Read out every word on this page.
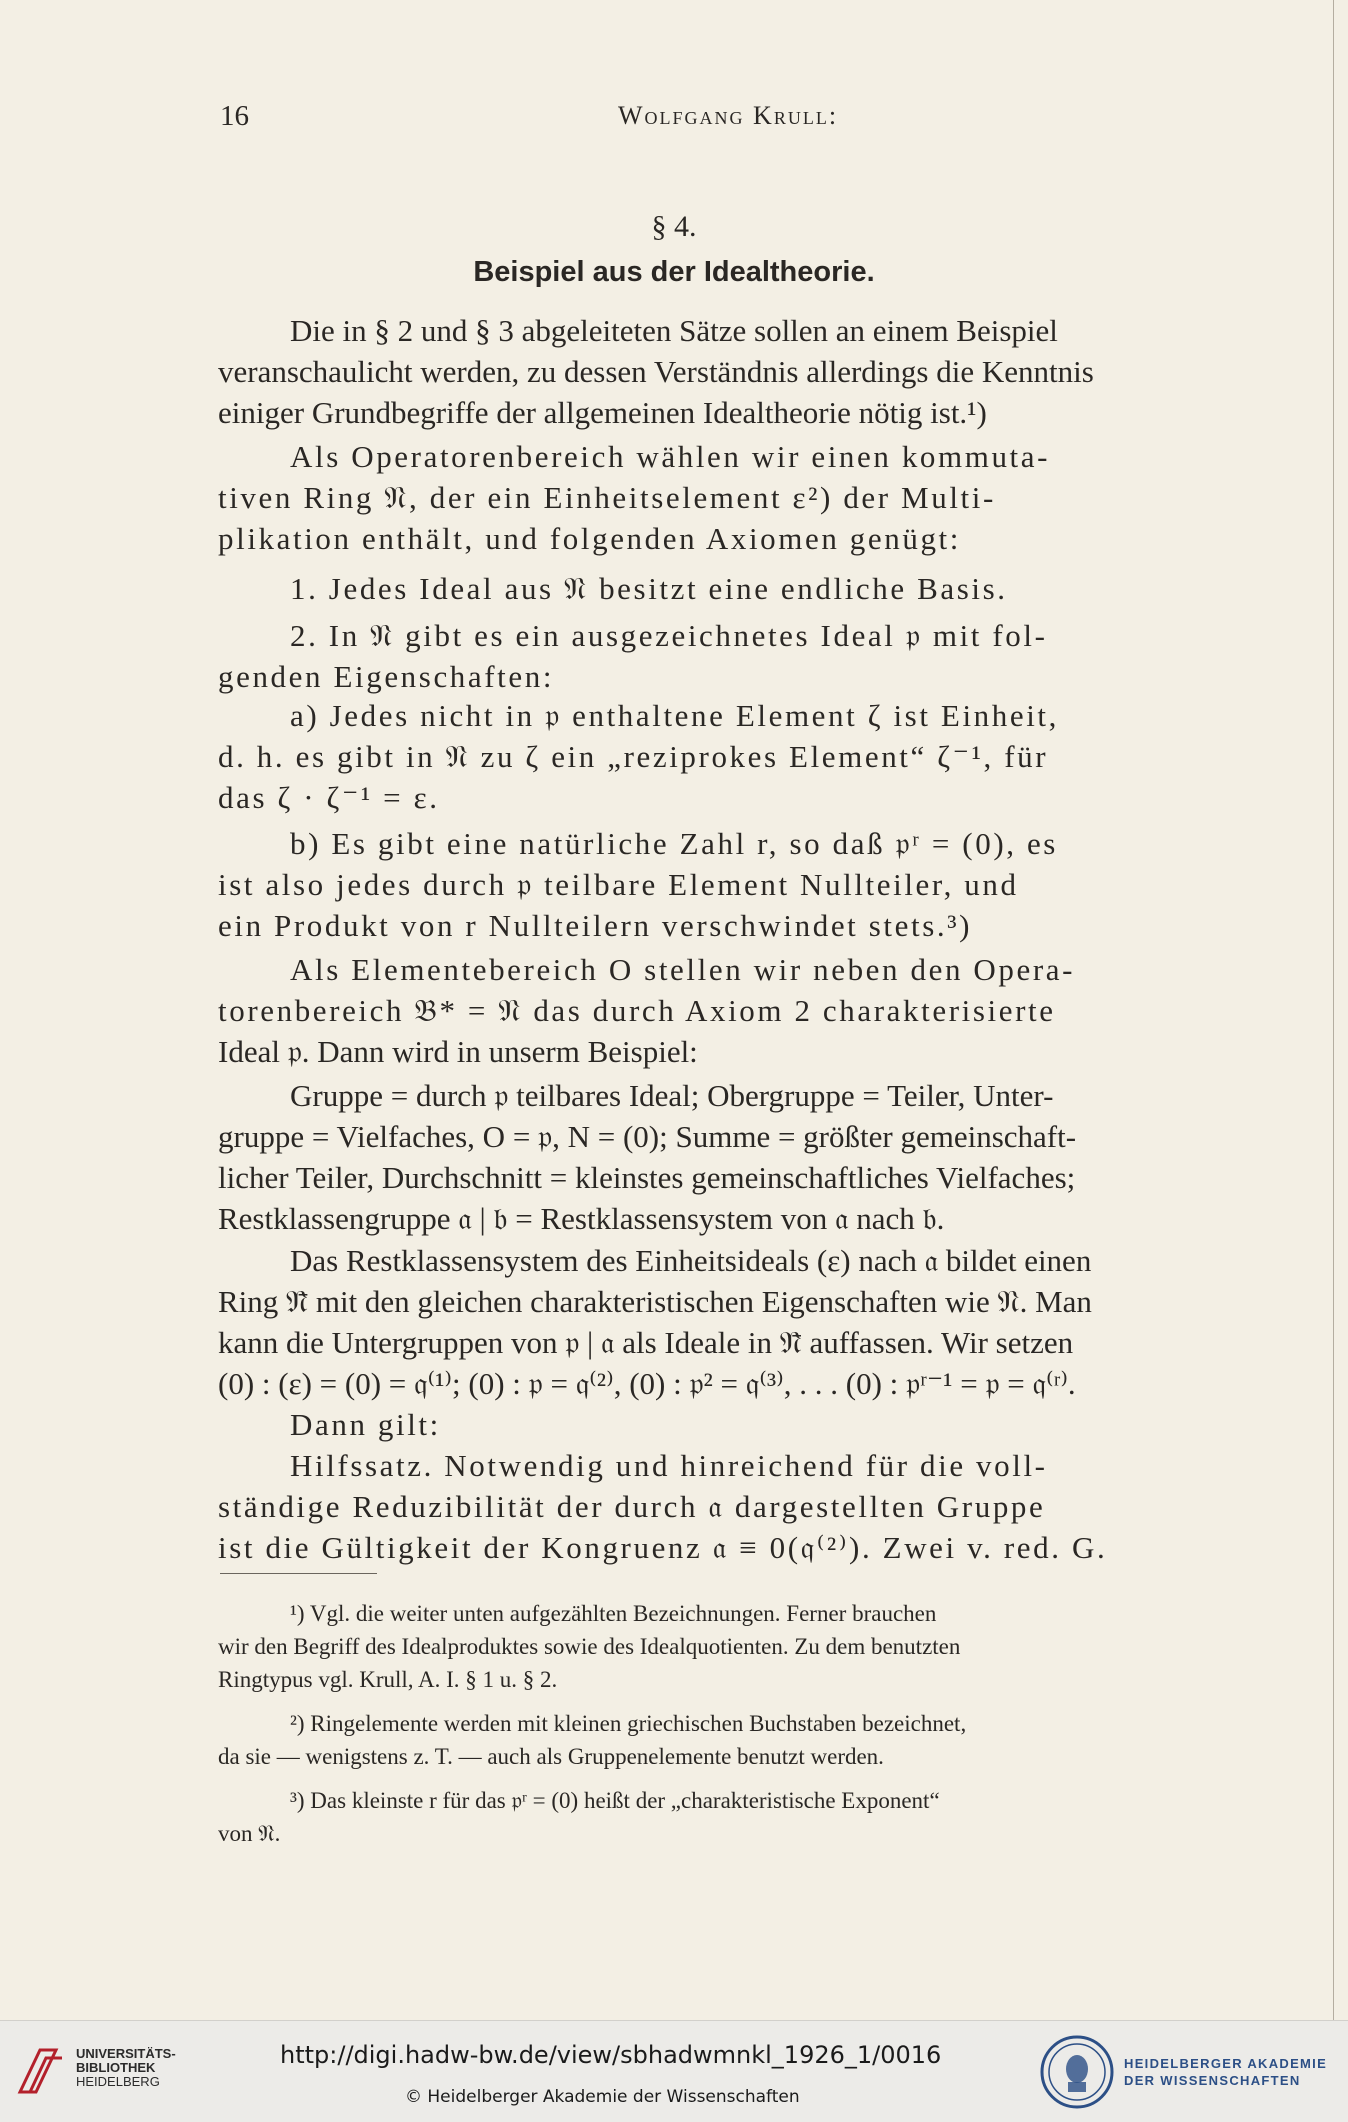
16	Wolfgang Krull:
§ 4.
Beispiel aus der Idealtheorie.
Die in § 2 und § 3 abgeleiteten Sätze sollen an einem Beispiel
veranschaulicht werden, zu dessen Verständnis allerdings die Kenntnis
einiger Grundbegriffe der allgemeinen Idealtheorie nötig ist.¹)
Als Operatorenbereich wählen wir einen kommuta-
tiven Ring 𝔑, der ein Einheitselement ε²) der Multi-
plikation enthält, und folgenden Axiomen genügt:
1. Jedes Ideal aus 𝔑 besitzt eine endliche Basis.
2. In 𝔑 gibt es ein ausgezeichnetes Ideal 𝔭 mit fol-
genden Eigenschaften:
a) Jedes nicht in 𝔭 enthaltene Element ζ ist Einheit,
d. h. es gibt in 𝔑 zu ζ ein „reziprokes Element“ ζ⁻¹, für
das ζ · ζ⁻¹ = ε.
b) Es gibt eine natürliche Zahl r, so daß 𝔭ʳ = (0), es
ist also jedes durch 𝔭 teilbare Element Nullteiler, und
ein Produkt von r Nullteilern verschwindet stets.³)
Als Elementebereich O stellen wir neben den Opera-
torenbereich 𝔅* = 𝔑 das durch Axiom 2 charakterisierte
Ideal 𝔭. Dann wird in unserm Beispiel:
Gruppe = durch 𝔭 teilbares Ideal; Obergruppe = Teiler, Unter-
gruppe = Vielfaches, O = 𝔭, N = (0); Summe = größter gemeinschaft-
licher Teiler, Durchschnitt = kleinstes gemeinschaftliches Vielfaches;
Restklassengruppe 𝔞 | 𝔟 = Restklassensystem von 𝔞 nach 𝔟.
Das Restklassensystem des Einheitsideals (ε) nach 𝔞 bildet einen
Ring 𝔑̄ mit den gleichen charakteristischen Eigenschaften wie 𝔑. Man
kann die Untergruppen von 𝔭 | 𝔞 als Ideale in 𝔑̄ auffassen. Wir setzen
(0) : (ε) = (0) = 𝔮⁽¹⁾; (0) : 𝔭 = 𝔮⁽²⁾, (0) : 𝔭² = 𝔮⁽³⁾, . . . (0) : 𝔭ʳ⁻¹ = 𝔭 = 𝔮⁽ʳ⁾.
Dann gilt:
Hilfssatz. Notwendig und hinreichend für die voll-
ständige Reduzibilität der durch 𝔞 dargestellten Gruppe
ist die Gültigkeit der Kongruenz 𝔞 ≡ 0(𝔮⁽²⁾). Zwei v. red. G.
¹) Vgl. die weiter unten aufgezählten Bezeichnungen. Ferner brauchen
wir den Begriff des Idealproduktes sowie des Idealquotienten. Zu dem benutzten
Ringtypus vgl. Krull, A. I. § 1 u. § 2.
²) Ringelemente werden mit kleinen griechischen Buchstaben bezeichnet,
da sie — wenigstens z. T. — auch als Gruppenelemente benutzt werden.
³) Das kleinste r für das 𝔭ʳ = (0) heißt der „charakteristische Exponent“
von 𝔑.
UNIVERSITÄTS-
BIBLIOTHEK
HEIDELBERG
http://digi.hadw-bw.de/view/sbhadwmnkl_1926_1/0016
© Heidelberger Akademie der Wissenschaften
HEIDELBERGER AKADEMIE
DER WISSENSCHAFTEN
